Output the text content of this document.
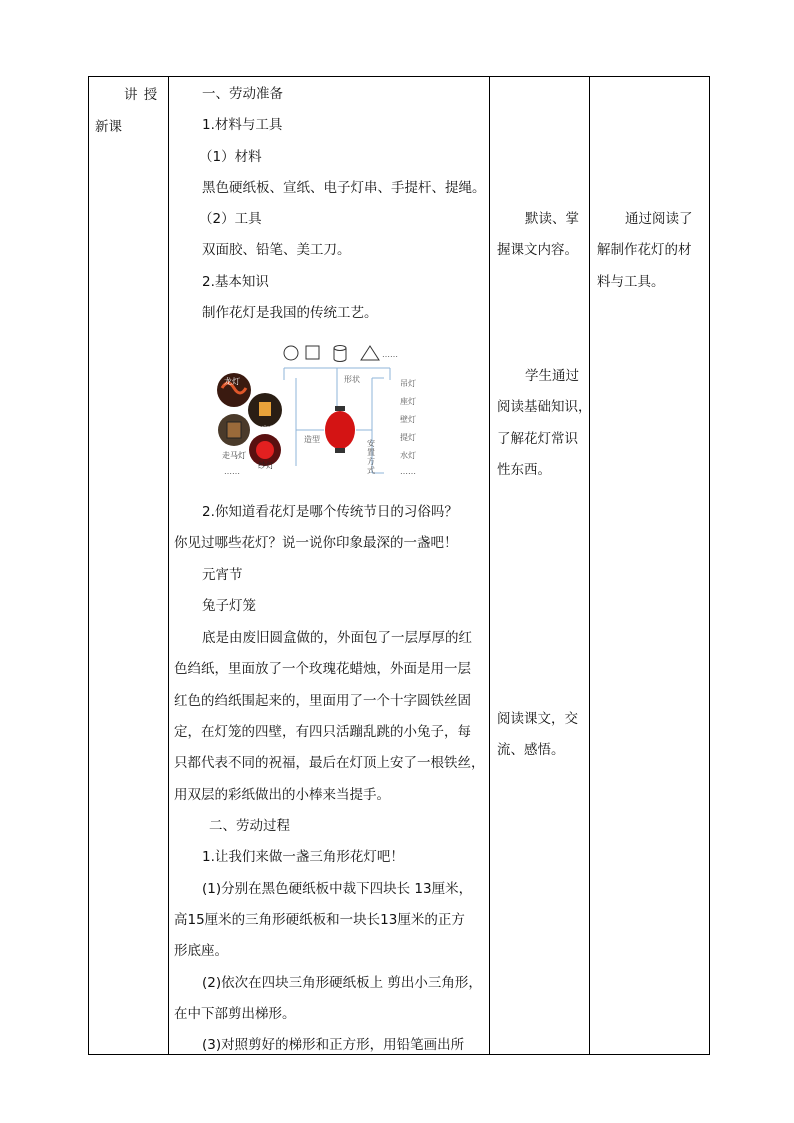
讲 授
新课

一、劳动准备
1.材料与工具
（1）材料
黑色硬纸板、宣纸、电子灯串、手提杆、提绳。
（2）工具
双面胶、铅笔、美工刀。
2.基本知识
制作花灯是我国的传统工艺。
2.你知道看花灯是哪个传统节日的习俗吗？
你见过哪些花灯？说一说你印象最深的一盏吧！
元宵节
兔子灯笼
底是由废旧圆盒做的，外面包了一层厚厚的红
色绉纸，里面放了一个玫瑰花蜡烛，外面是用一层
红色的绉纸围起来的，里面用了一个十字圆铁丝固
定，在灯笼的四壁，有四只活蹦乱跳的小兔子，每
只都代表不同的祝福，最后在灯顶上安了一根铁丝，
用双层的彩纸做出的小棒来当提手。
二、劳动过程
1.让我们来做一盏三角形花灯吧！
(1)分别在黑色硬纸板中裁下四块长 13厘米，
高15厘米的三角形硬纸板和一块长13厘米的正方
形底座。
(2)依次在四块三角形硬纸板上 剪出小三角形，
在中下部剪出梯形。
(3)对照剪好的梯形和正方形，用铅笔画出所

默读、掌
握课文内容。
学生通过
阅读基础知识，
了解花灯常识
性东西。
阅读课文，交
流、感悟。

通过阅读了
解制作花灯的材
料与工具。
……
形状
造型	安
置
方
式
吊灯
座灯
壁灯
提灯
水灯
……
龙灯
宫灯
走马灯
纱灯
……
